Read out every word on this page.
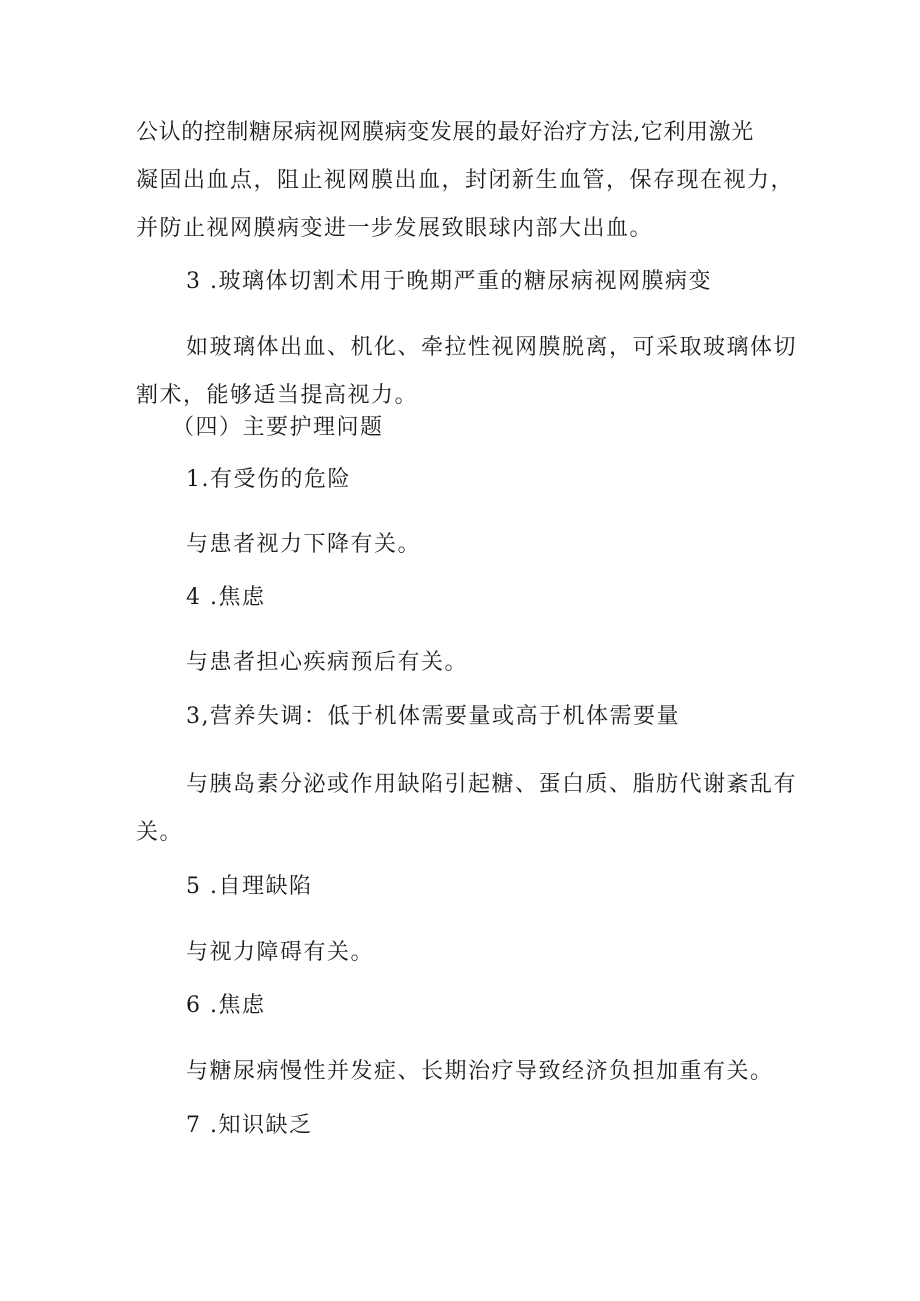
公认的控制糖尿病视网膜病变发展的最好治疗方法,它利用激光
凝固出血点，阻止视网膜出血，封闭新生血管，保存现在视力，
并防止视网膜病变进一步发展致眼球内部大出血。
3 .玻璃体切割术用于晚期严重的糖尿病视网膜病变
如玻璃体出血、机化、牵拉性视网膜脱离，可采取玻璃体切
割术，能够适当提高视力。
（四）主要护理问题
1.有受伤的危险
与患者视力下降有关。
4 .焦虑
与患者担心疾病预后有关。
3,营养失调：低于机体需要量或高于机体需要量
与胰岛素分泌或作用缺陷引起糖、蛋白质、脂肪代谢紊乱有
关。
5 .自理缺陷
与视力障碍有关。
6 .焦虑
与糖尿病慢性并发症、长期治疗导致经济负担加重有关。
7 .知识缺乏
